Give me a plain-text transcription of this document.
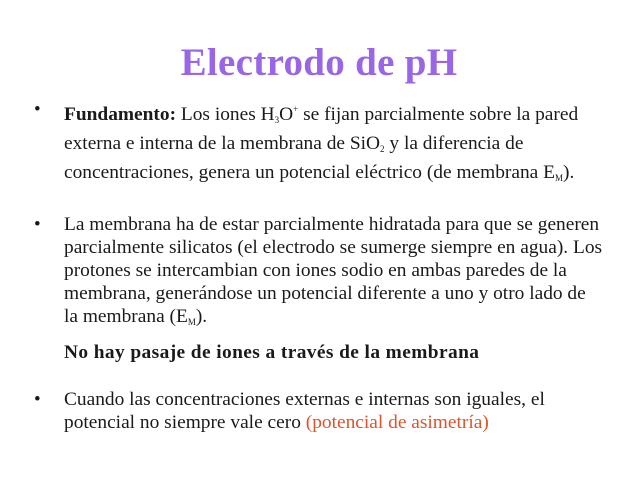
Electrodo de pH
• Fundamento: Los iones $H_3O^+$ se fijan parcialmente sobre la pared externa e interna de la membrana de SiO$_2$ y la diferencia de concentraciones, genera un potencial eléctrico (de membrana $E_M$).
• La membrana ha de estar parcialmente hidratada para que se generen parcialmente silicatos (el electrodo se sumerge siempre en agua). Los protones se intercambian con iones sodio en ambas paredes de la membrana, generándose un potencial diferente a uno y otro lado de la membrana $(E_M)$.
No hay pasaje de iones a través de la membrana
• Cuando las concentraciones externas e internas son iguales, el potencial no siempre vale cero (potencial de asimetría)
